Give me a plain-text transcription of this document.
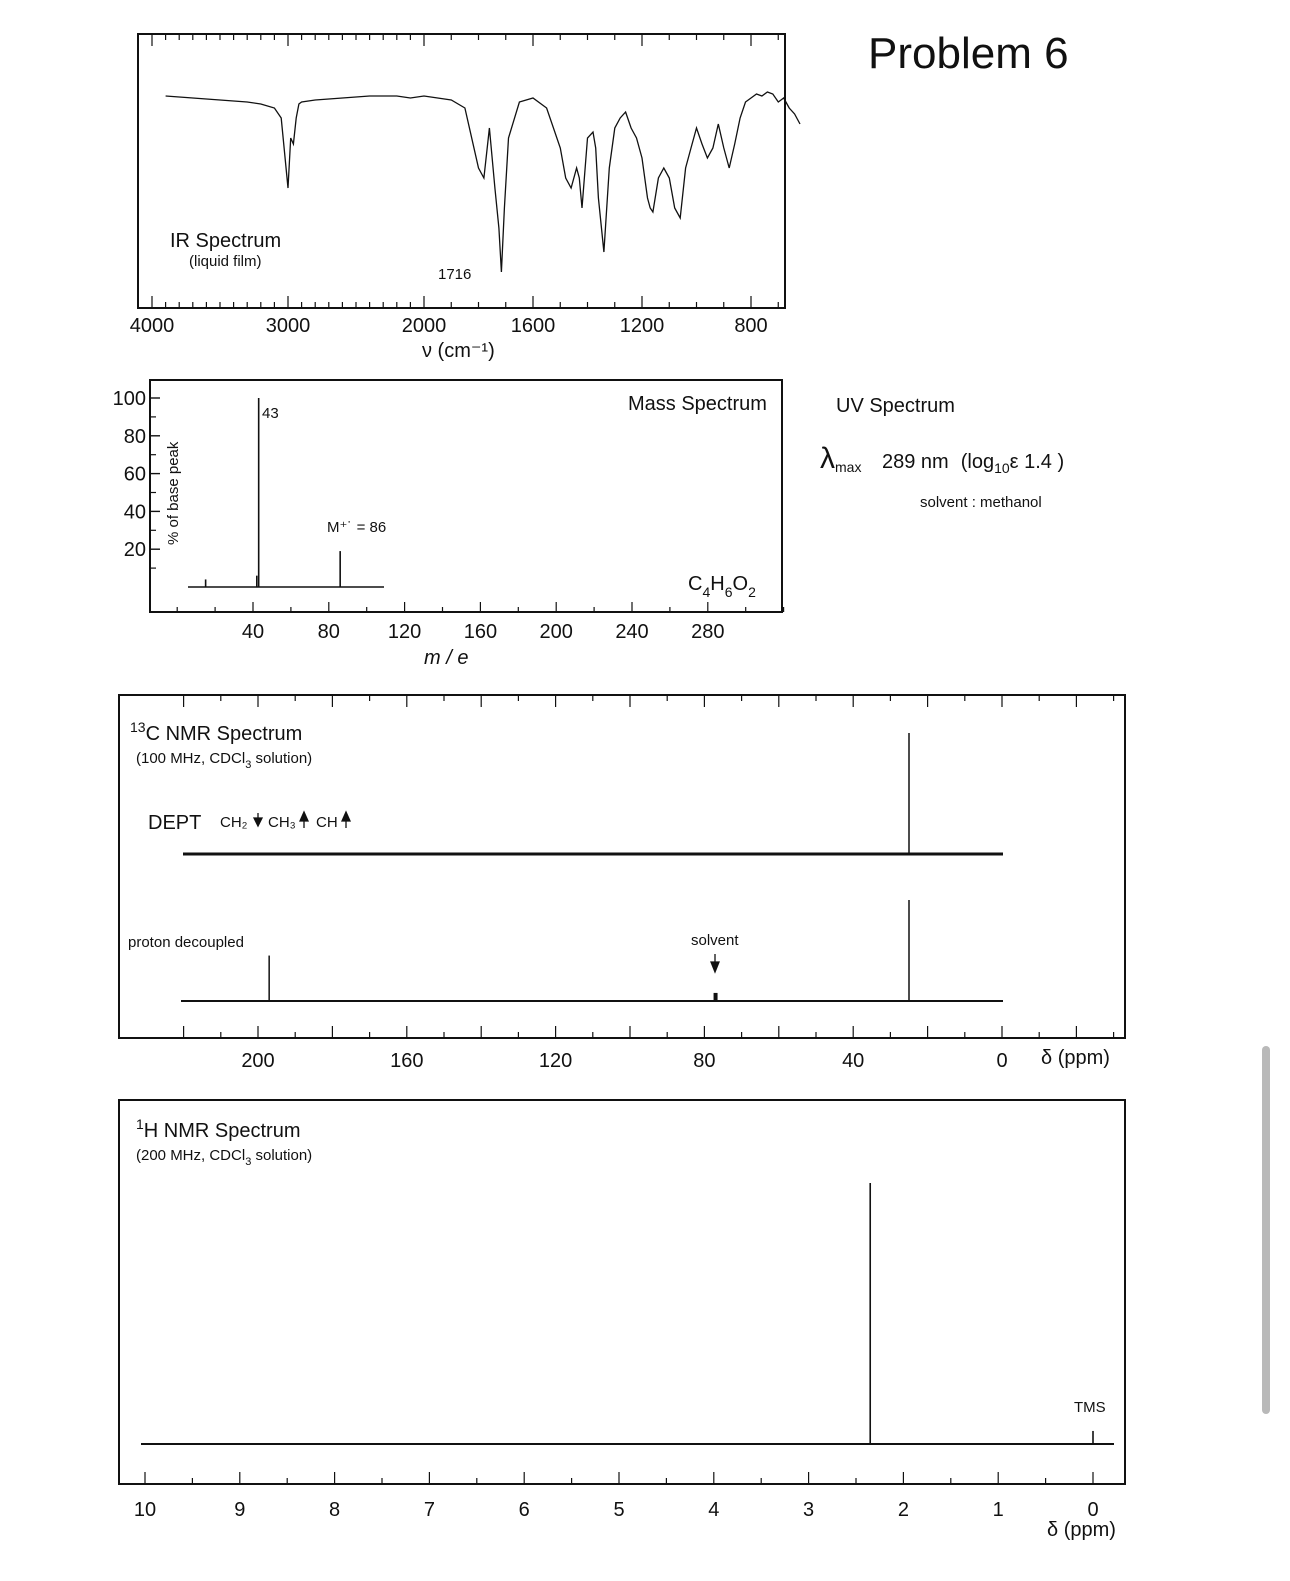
Problem 6
IR Spectrum
(liquid film)
1716
4000	3000	2000	1600	1200	800
ν (cm⁻¹)
20
40
60
80
100
40	80 120 160 200 240 280
% of base peak
Mass Spectrum
43
M⁺˙ = 86
$C_4H_6O_2$
m / e
UV Spectrum
λmax 289 nm ($\log_{10}\varepsilon$ 1.4 )
solvent : methanol
$^{13}$C NMR Spectrum
(100 MHz, CDCl$_3$ solution)
DEPT CH₂ CH₃ CH
proton decoupled	solvent
200	160	120	80	40	0 δ (ppm)
$^1$H NMR Spectrum
(200 MHz, CDCl$_3$ solution)
TMS
10	9	8	7	6	5	4	3	2	1	0
δ (ppm)
